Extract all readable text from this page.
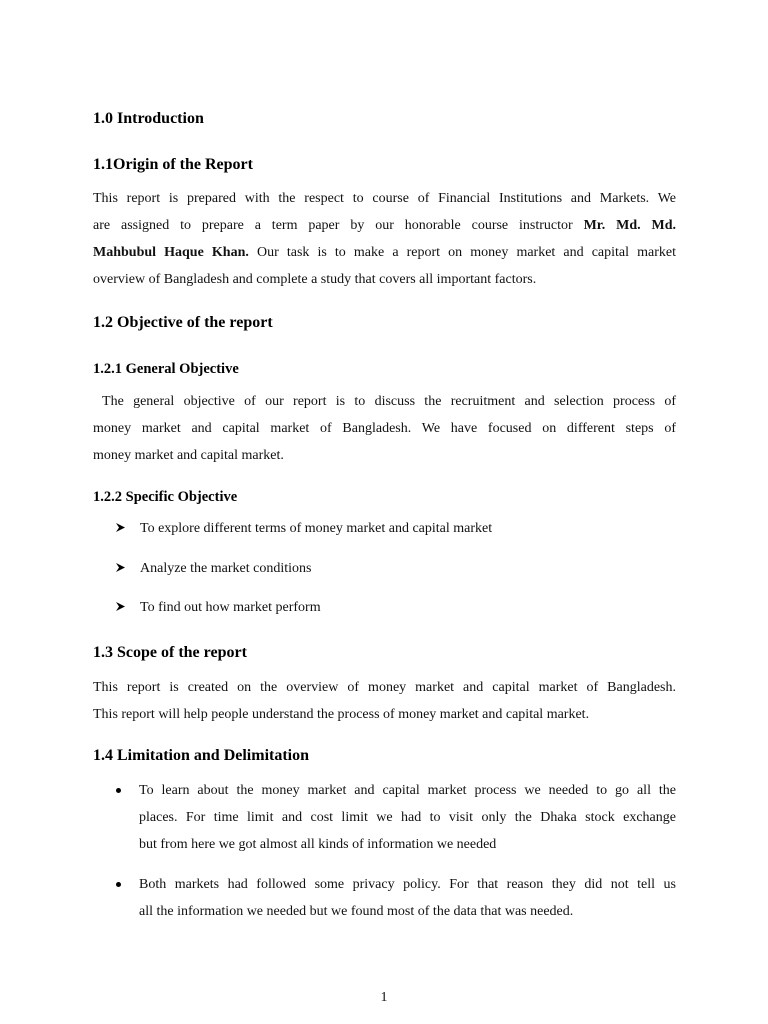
1.0 Introduction
1.1Origin of the Report
This report is prepared with the respect to course of Financial Institutions and Markets. We
are assigned to prepare a term paper by our honorable course instructor Mr. Md. Md.
Mahbubul Haque Khan. Our task is to make a report on money market and capital market
overview of Bangladesh and complete a study that covers all important factors.
1.2 Objective of the report
1.2.1 General Objective
The general objective of our report is to discuss the recruitment and selection process of
money market and capital market of Bangladesh. We have focused on different steps of
money market and capital market.
1.2.2 Specific Objective
To explore different terms of money market and capital market
Analyze the market conditions
To find out how market perform
1.3 Scope of the report
This report is created on the overview of money market and capital market of Bangladesh.
This report will help people understand the process of money market and capital market.
1.4 Limitation and Delimitation
To learn about the money market and capital market process we needed to go all the
places. For time limit and cost limit we had to visit only the Dhaka stock exchange
but from here we got almost all kinds of information we needed
Both markets had followed some privacy policy. For that reason they did not tell us
all the information we needed but we found most of the data that was needed.
1
